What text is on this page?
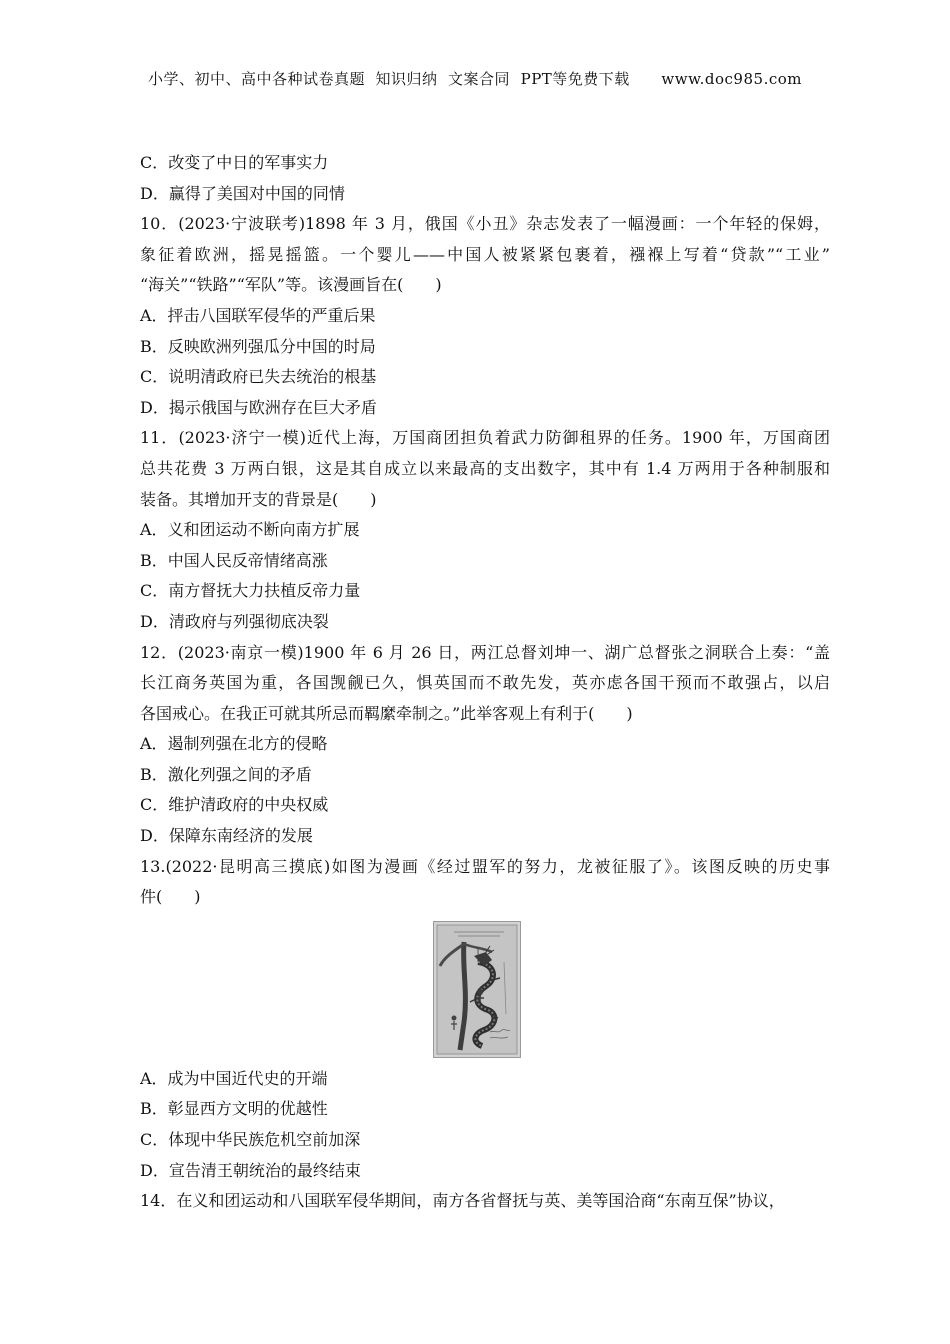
小学、初中、高中各种试卷真题  知识归纳  文案合同  PPT等免费下载      www.doc985.com
C．改变了中日的军事实力
D．赢得了美国对中国的同情
10．(2023·宁波联考)1898 年 3 月，俄国《小丑》杂志发表了一幅漫画：一个年轻的保姆，
象征着欧洲，摇晃摇篮。一个婴儿——中国人被紧紧包裹着，襁褓上写着“贷款”“工业”
“海关”“铁路”“军队”等。该漫画旨在(　　)
A．抨击八国联军侵华的严重后果
B．反映欧洲列强瓜分中国的时局
C．说明清政府已失去统治的根基
D．揭示俄国与欧洲存在巨大矛盾
11．(2023·济宁一模)近代上海，万国商团担负着武力防御租界的任务。1900 年，万国商团
总共花费 3 万两白银，这是其自成立以来最高的支出数字，其中有 1.4 万两用于各种制服和
装备。其增加开支的背景是(　　)
A．义和团运动不断向南方扩展
B．中国人民反帝情绪高涨
C．南方督抚大力扶植反帝力量
D．清政府与列强彻底决裂
12．(2023·南京一模)1900 年 6 月 26 日，两江总督刘坤一、湖广总督张之洞联合上奏：“盖
长江商务英国为重，各国觊觎已久，惧英国而不敢先发，英亦虑各国干预而不敢强占，以启
各国戒心。在我正可就其所忌而羁縻牵制之。”此举客观上有利于(　　)
A．遏制列强在北方的侵略
B．激化列强之间的矛盾
C．维护清政府的中央权威
D．保障东南经济的发展
13.(2022·昆明高三摸底)如图为漫画《经过盟军的努力，龙被征服了》。该图反映的历史事
件(　　)
A．成为中国近代史的开端
B．彰显西方文明的优越性
C．体现中华民族危机空前加深
D．宣告清王朝统治的最终结束
14．在义和团运动和八国联军侵华期间，南方各省督抚与英、美等国洽商“东南互保”协议，
